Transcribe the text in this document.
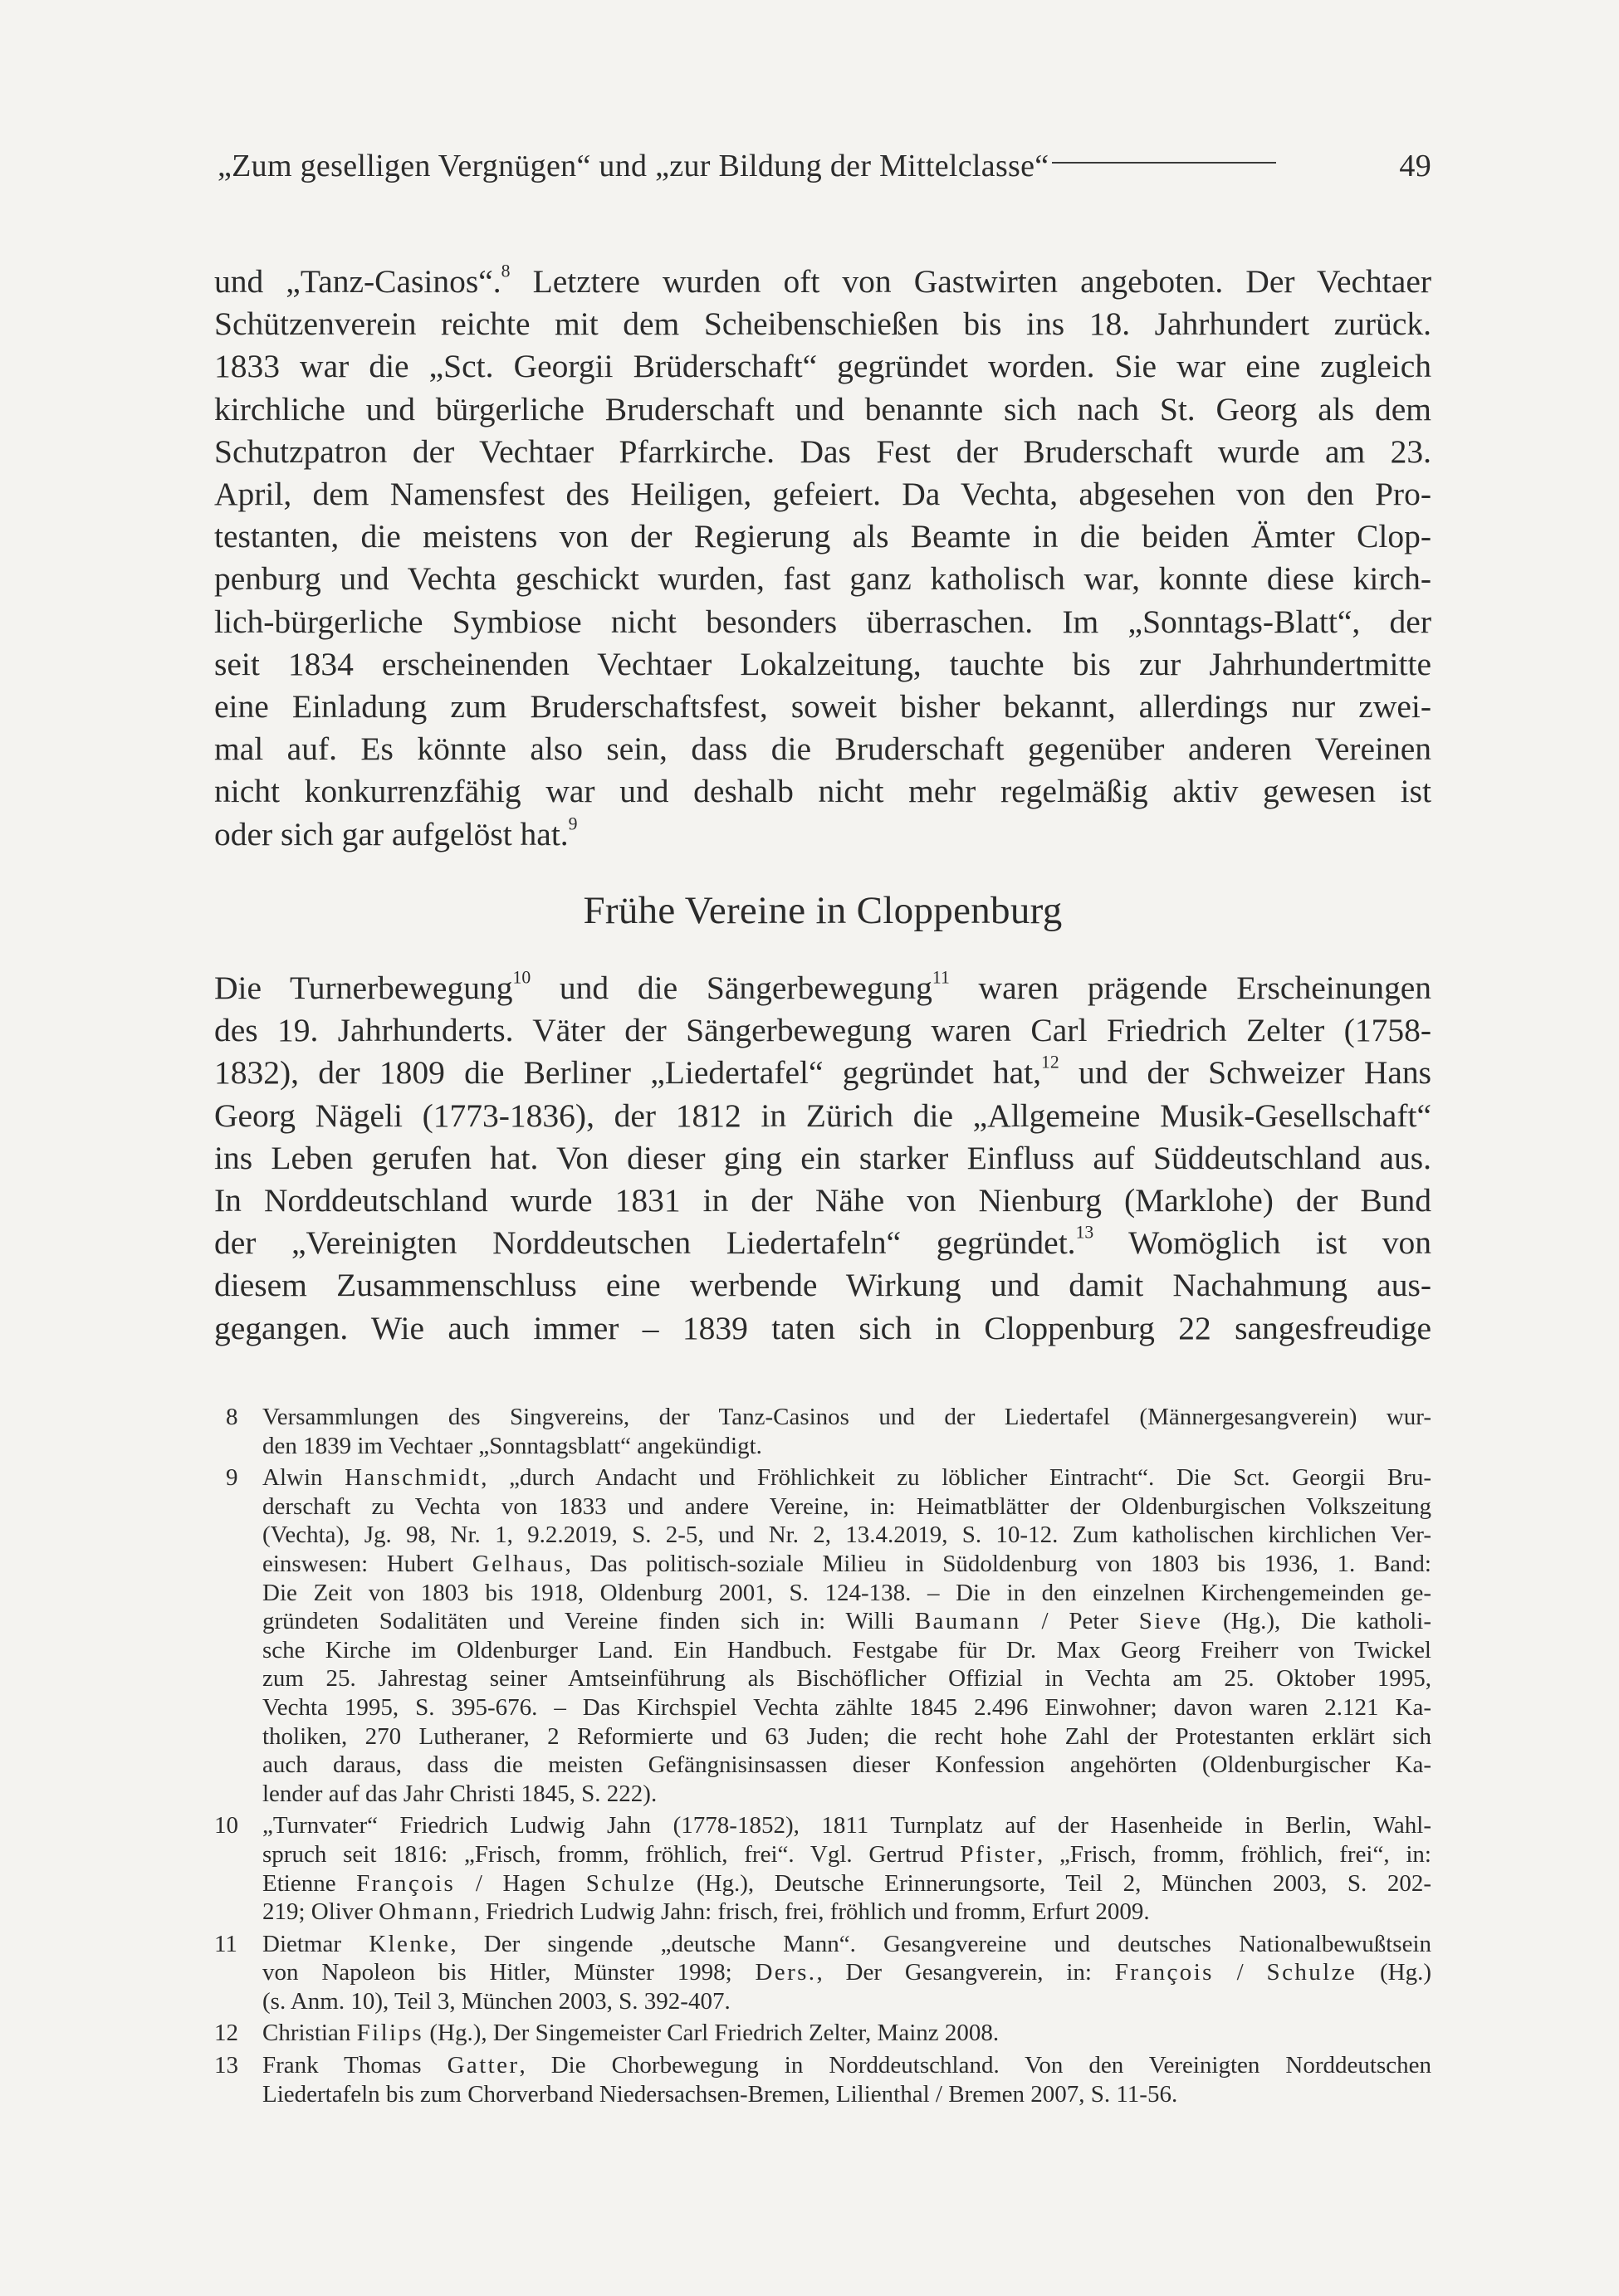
„Zum geselligen Vergnügen“ und „zur Bildung der Mittelclasse“	49
und „Tanz-Casinos“.$^8$ Letztere wurden oft von Gastwirten angeboten. Der Vechtaer
Schützenverein reichte mit dem Scheibenschießen bis ins 18. Jahrhundert zurück.
1833 war die „Sct. Georgii Brüderschaft“ gegründet worden. Sie war eine zugleich
kirchliche und bürgerliche Bruderschaft und benannte sich nach St. Georg als dem
Schutzpatron der Vechtaer Pfarrkirche. Das Fest der Bruderschaft wurde am 23.
April, dem Namensfest des Heiligen, gefeiert. Da Vechta, abgesehen von den Pro-
testanten, die meistens von der Regierung als Beamte in die beiden Ämter Clop-
penburg und Vechta geschickt wurden, fast ganz katholisch war, konnte diese kirch-
lich-bürgerliche Symbiose nicht besonders überraschen. Im „Sonntags-Blatt“, der
seit 1834 erscheinenden Vechtaer Lokalzeitung, tauchte bis zur Jahrhundertmitte
eine Einladung zum Bruderschaftsfest, soweit bisher bekannt, allerdings nur zwei-
mal auf. Es könnte also sein, dass die Bruderschaft gegenüber anderen Vereinen
nicht konkurrenzfähig war und deshalb nicht mehr regelmäßig aktiv gewesen ist
oder sich gar aufgelöst hat.$^9$
Frühe Vereine in Cloppenburg
Die Turnerbewegung$^{10}$ und die Sängerbewegung$^{11}$ waren prägende Erscheinungen
des 19. Jahrhunderts. Väter der Sängerbewegung waren Carl Friedrich Zelter (1758-
1832), der 1809 die Berliner „Liedertafel“ gegründet hat,$^{12}$ und der Schweizer Hans
Georg Nägeli (1773-1836), der 1812 in Zürich die „Allgemeine Musik-Gesellschaft“
ins Leben gerufen hat. Von dieser ging ein starker Einfluss auf Süddeutschland aus.
In Norddeutschland wurde 1831 in der Nähe von Nienburg (Marklohe) der Bund
der „Vereinigten Norddeutschen Liedertafeln“ gegründet.$^{13}$ Womöglich ist von
diesem Zusammenschluss eine werbende Wirkung und damit Nachahmung aus-
gegangen. Wie auch immer – 1839 taten sich in Cloppenburg 22 sangesfreudige
8	Versammlungen des Singvereins, der Tanz-Casinos und der Liedertafel (Männergesangverein) wur-
den 1839 im Vechtaer „Sonntagsblatt“ angekündigt.
9	Alwin Hanschmidt, „durch Andacht und Fröhlichkeit zu löblicher Eintracht“. Die Sct. Georgii Bru-
derschaft zu Vechta von 1833 und andere Vereine, in: Heimatblätter der Oldenburgischen Volkszeitung
(Vechta), Jg. 98, Nr. 1, 9.2.2019, S. 2-5, und Nr. 2, 13.4.2019, S. 10-12. Zum katholischen kirchlichen Ver-
einswesen: Hubert Gelhaus, Das politisch-soziale Milieu in Südoldenburg von 1803 bis 1936, 1. Band:
Die Zeit von 1803 bis 1918, Oldenburg 2001, S. 124-138. – Die in den einzelnen Kirchengemeinden ge-
gründeten Sodalitäten und Vereine finden sich in: Willi Baumann / Peter Sieve (Hg.), Die katholi-
sche Kirche im Oldenburger Land. Ein Handbuch. Festgabe für Dr. Max Georg Freiherr von Twickel
zum 25. Jahrestag seiner Amtseinführung als Bischöflicher Offizial in Vechta am 25. Oktober 1995,
Vechta 1995, S. 395-676. – Das Kirchspiel Vechta zählte 1845 2.496 Einwohner; davon waren 2.121 Ka-
tholiken, 270 Lutheraner, 2 Reformierte und 63 Juden; die recht hohe Zahl der Protestanten erklärt sich
auch daraus, dass die meisten Gefängnisinsassen dieser Konfession angehörten (Oldenburgischer Ka-
lender auf das Jahr Christi 1845, S. 222).
10	„Turnvater“ Friedrich Ludwig Jahn (1778-1852), 1811 Turnplatz auf der Hasenheide in Berlin, Wahl-
spruch seit 1816: „Frisch, fromm, fröhlich, frei“. Vgl. Gertrud Pfister, „Frisch, fromm, fröhlich, frei“, in:
Etienne François / Hagen Schulze (Hg.), Deutsche Erinnerungsorte, Teil 2, München 2003, S. 202-
219; Oliver Ohmann, Friedrich Ludwig Jahn: frisch, frei, fröhlich und fromm, Erfurt 2009.
11	Dietmar Klenke, Der singende „deutsche Mann“. Gesangvereine und deutsches Nationalbewußtsein
von Napoleon bis Hitler, Münster 1998; Ders., Der Gesangverein, in: François / Schulze (Hg.)
(s. Anm. 10), Teil 3, München 2003, S. 392-407.
12	Christian Filips (Hg.), Der Singemeister Carl Friedrich Zelter, Mainz 2008.
13	Frank Thomas Gatter, Die Chorbewegung in Norddeutschland. Von den Vereinigten Norddeutschen
Liedertafeln bis zum Chorverband Niedersachsen-Bremen, Lilienthal / Bremen 2007, S. 11-56.
